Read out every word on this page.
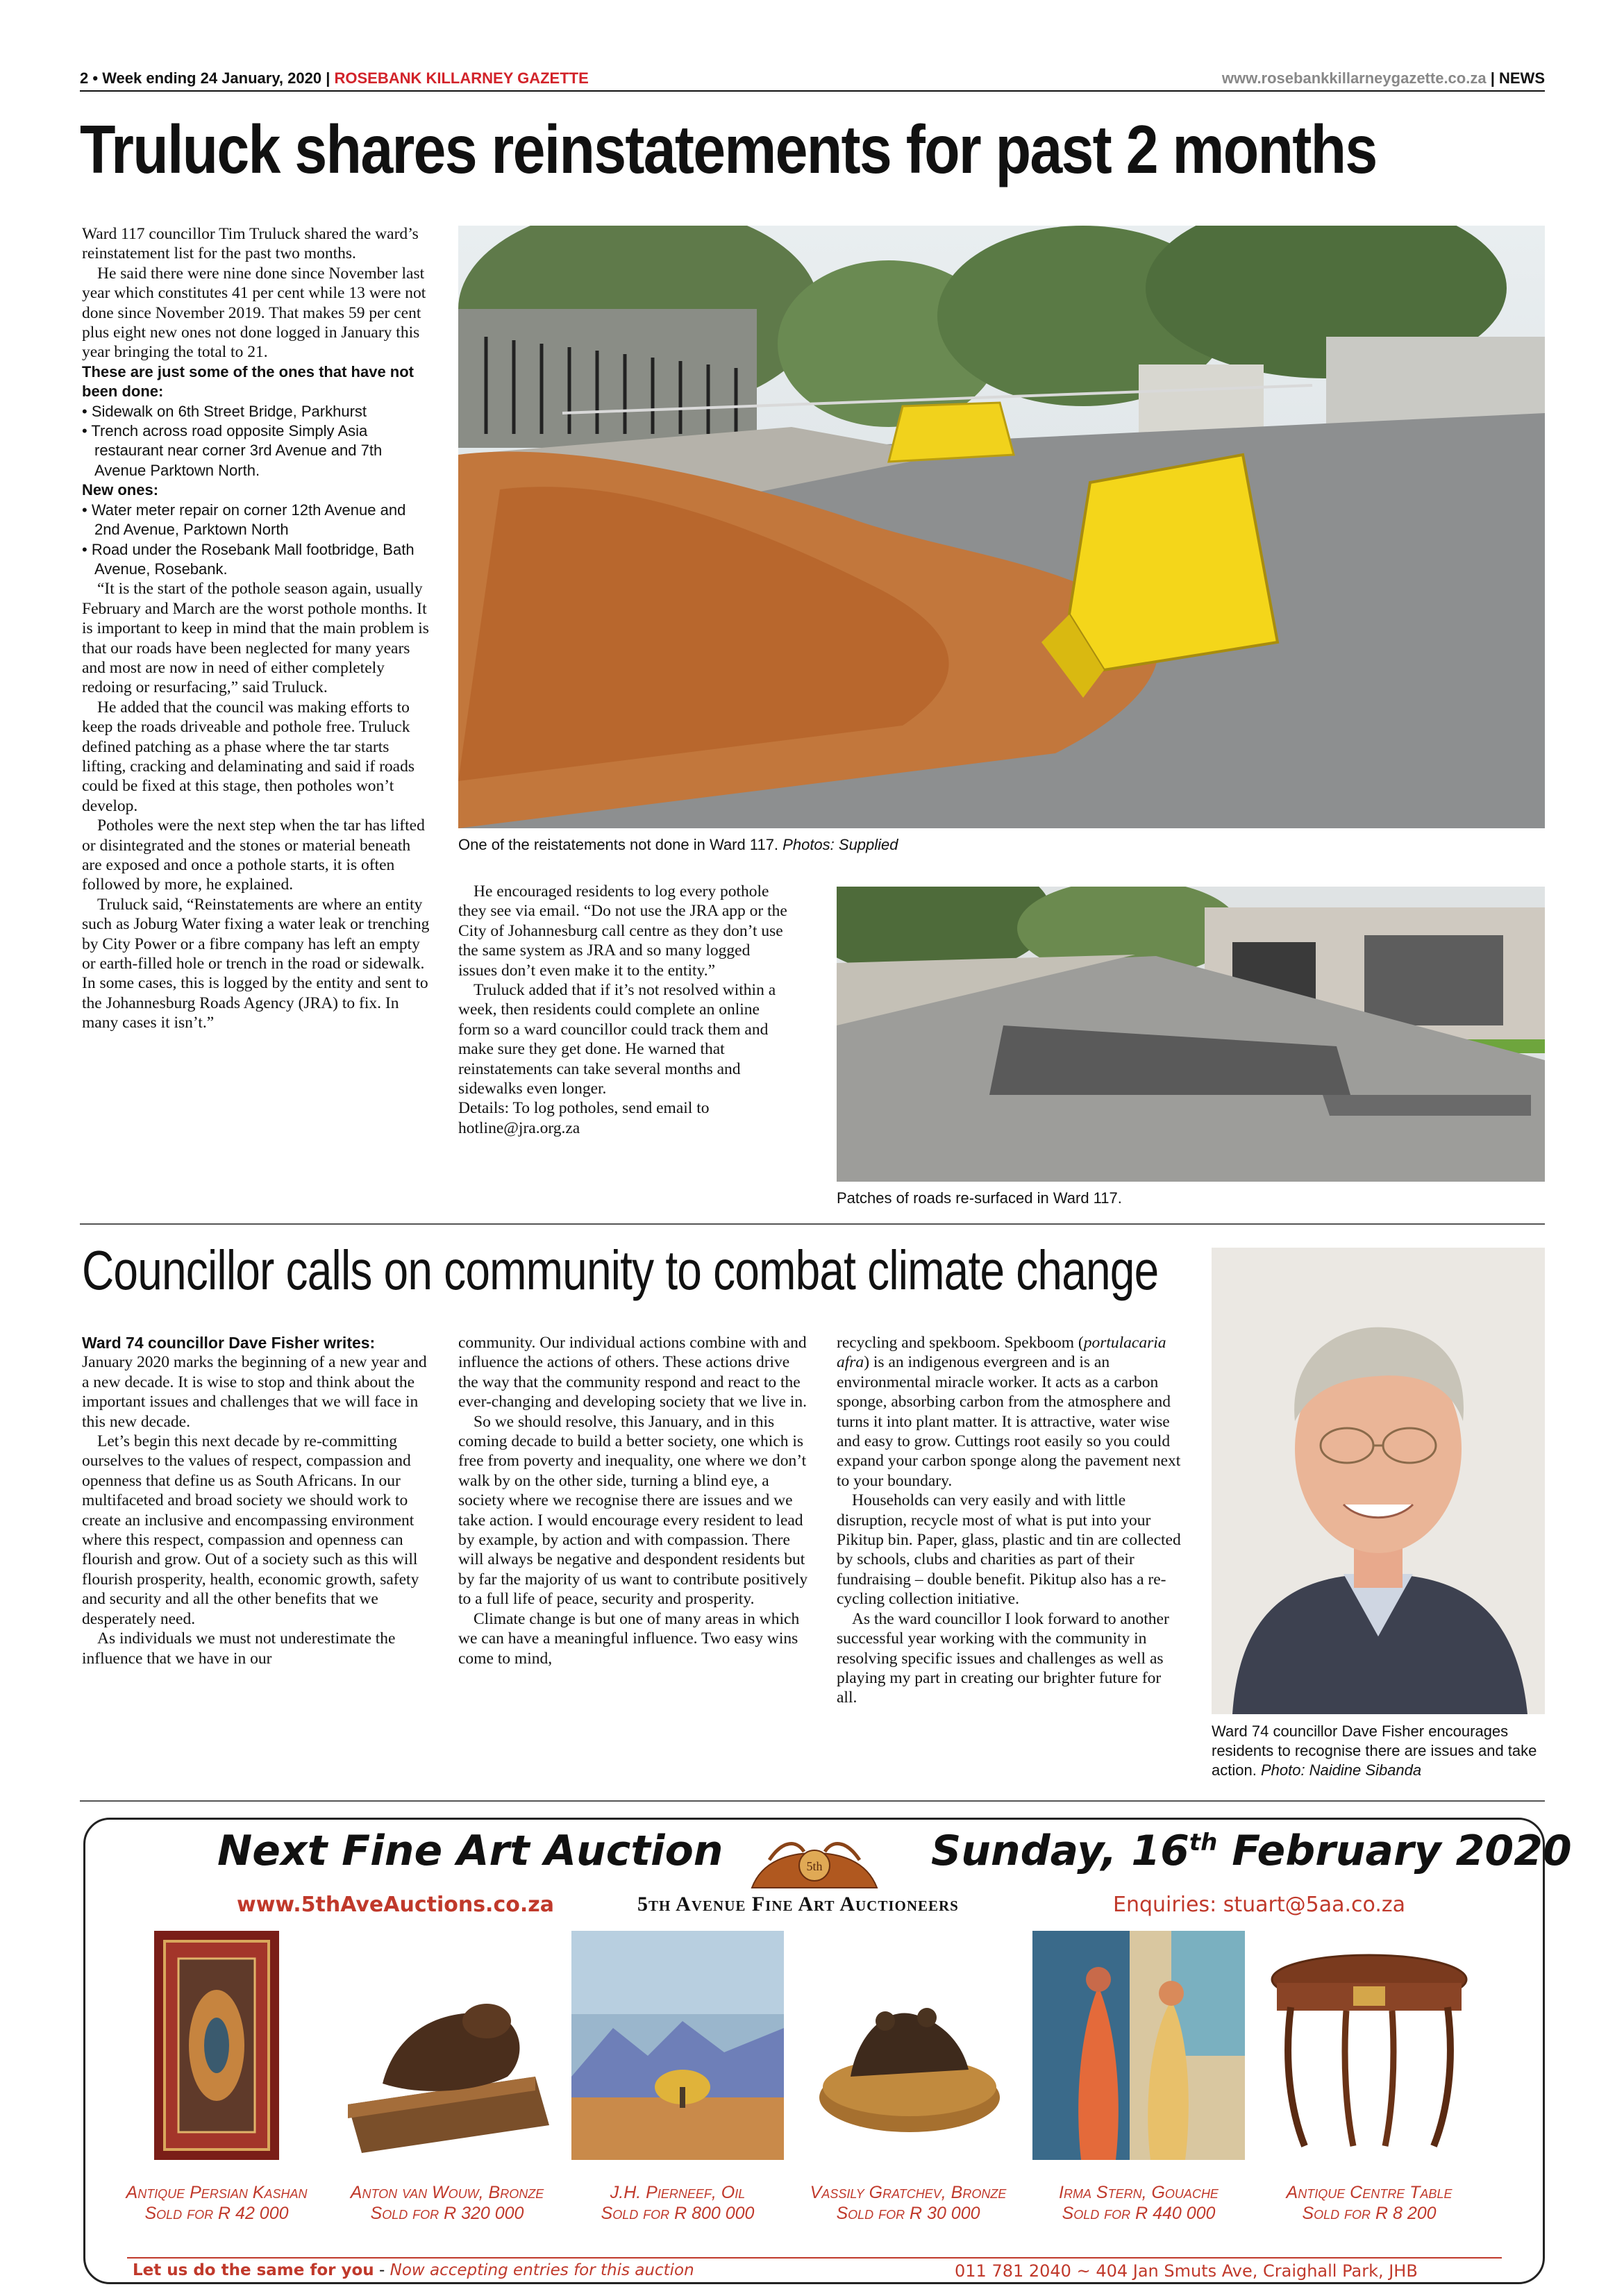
2 • Week ending 24 January, 2020 | ROSEBANK KILLARNEY GAZETTE	www.rosebankkillarneygazette.co.za | NEWS
Truluck shares reinstatements for past 2 months

Ward 117 councillor Tim Truluck shared the ward’s reinstatement list for the past two months.

He said there were nine done since November last year which constitutes 41 per cent while 13 were not done since November 2019. That makes 59 per cent plus eight new ones not done logged in January this year bringing the total to 21.

These are just some of the ones that have not been done:
• Sidewalk on 6th Street Bridge, Parkhurst
• Trench across road opposite Simply Asia restaurant near corner 3rd Avenue and 7th Avenue Parktown North.
New ones:
• Water meter repair on corner 12th Avenue and 2nd Avenue, Parktown North
• Road under the Rosebank Mall footbridge, Bath Avenue, Rosebank.

“It is the start of the pothole season again, usually February and March are the worst pothole months. It is important to keep in mind that the main problem is that our roads have been neglected for many years and most are now in need of either completely redoing or resurfacing,” said Truluck.

He added that the council was making efforts to keep the roads driveable and pothole free. Truluck defined patching as a phase where the tar starts lifting, cracking and delaminating and said if roads could be fixed at this stage, then potholes won’t develop.

Potholes were the next step when the tar has lifted or disintegrated and the stones or material beneath are exposed and once a pothole starts, it is often followed by more, he explained.

Truluck said, “Reinstatements are where an entity such as Joburg Water fixing a water leak or trenching by City Power or a fibre company has left an empty or earth-filled hole or trench in the road or sidewalk. In some cases, this is logged by the entity and sent to the Johannesburg Roads Agency (JRA) to fix. In many cases it isn’t.”

One of the reistatements not done in Ward 117. Photos: Supplied
Patches of roads re-surfaced in Ward 117.

He encouraged residents to log every pothole they see via email. “Do not use the JRA app or the City of Johannesburg call centre as they don’t use the same system as JRA and so many logged issues don’t even make it to the entity.”

Truluck added that if it’s not resolved within a week, then residents could complete an online form so a ward councillor could track them and make sure they get done. He warned that reinstatements can take several months and sidewalks even longer.

Details: To log potholes, send email to hotline@jra.org.za

Councillor calls on community to combat climate change
Ward 74 councillor Dave Fisher writes:

January 2020 marks the beginning of a new year and a new decade. It is wise to stop and think about the important issues and challenges that we will face in this new decade.

Let’s begin this next decade by re-committing ourselves to the values of respect, compassion and openness that define us as South Africans. In our multifaceted and broad society we should work to create an inclusive and encompassing environment where this respect, compassion and openness can flourish and grow. Out of a society such as this will flourish prosperity, health, economic growth, safety and security and all the other benefits that we desperately need.

As individuals we must not underestimate the influence that we have in our

community. Our individual actions combine with and influence the actions of others. These actions drive the way that the community respond and react to the ever-changing and developing society that we live in.

So we should resolve, this January, and in this coming decade to build a better society, one which is free from poverty and inequality, one where we don’t walk by on the other side, turning a blind eye, a society where we recognise there are issues and we take action. I would encourage every resident to lead by example, by action and with compassion. There will always be negative and despondent residents but by far the majority of us want to contribute positively to a full life of peace, security and prosperity.

Climate change is but one of many areas in which we can have a meaningful influence. Two easy wins come to mind,

recycling and spekboom. Spekboom (portulacaria afra) is an indigenous evergreen and is an environmental miracle worker. It acts as a carbon sponge, absorbing carbon from the atmosphere and turns it into plant matter. It is attractive, water wise and easy to grow. Cuttings root easily so you could expand your carbon sponge along the pavement next to your boundary.

Households can very easily and with little disruption, recycle most of what is put into your Pikitup bin. Paper, glass, plastic and tin are collected by schools, clubs and charities as part of their fundraising – double benefit. Pikitup also has a re-cycling collection initiative.

As the ward councillor I look forward to another successful year working with the community in resolving specific issues and challenges as well as playing my part in creating our brighter future for all.

Ward 74 councillor Dave Fisher encourages residents to recognise there are issues and take action. Photo: Naidine Sibanda
Next Fine Art Auction	Sunday, 16th February 2020
5th
www.5thAveAuctions.co.za	5th Avenue Fine Art Auctioneers	Enquiries: stuart@5aa.co.za
Antique Persian Kashan
Sold for R 42 000
Anton van Wouw, Bronze
Sold for R 320 000
J.H. Pierneef, Oil
Sold for R 800 000
Vassily Gratchev, Bronze
Sold for R 30 000
Irma Stern, Gouache
Sold for R 440 000
Antique Centre Table
Sold for R 8 200
Let us do the same for you - Now accepting entries for this auction	011 781 2040 ~ 404 Jan Smuts Ave, Craighall Park, JHB
